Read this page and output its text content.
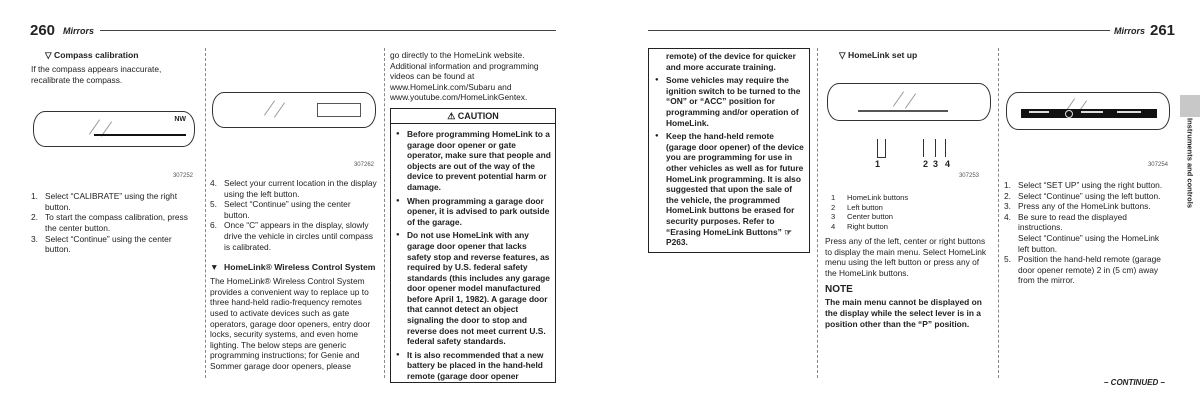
260 Mirrors
▽ Compass calibration
If the compass appears inaccurate, recalibrate the compass.
NW
307252
1. Select “CALIBRATE” using the right button.
2. To start the compass calibration, press the center button.
3. Select “Continue” using the center button.
307262
4. Select your current location in the display using the left button.
5. Select “Continue” using the center button.
6. Once “C” appears in the display, slowly drive the vehicle in circles until compass is calibrated.
▼ HomeLink® Wireless Control System
The HomeLink® Wireless Control System provides a convenient way to replace up to three hand-held radio-frequency remotes used to activate devices such as gate operators, garage door openers, entry door locks, security systems, and even home lighting. The below steps are generic programming instructions; for Genie and Sommer garage door openers, please
go directly to the HomeLink website. Additional information and programming videos can be found at
www.HomeLink.com/Subaru and
www.youtube.com/HomeLinkGentex.
⚠ CAUTION
● Before programming HomeLink to a garage door opener or gate operator, make sure that people and objects are out of the way of the device to prevent potential harm or damage.
● When programming a garage door opener, it is advised to park outside of the garage.
● Do not use HomeLink with any garage door opener that lacks safety stop and reverse features, as required by U.S. federal safety standards (this includes any garage door opener model manufactured before April 1, 1982). A garage door that cannot detect an object signaling the door to stop and reverse does not meet current U.S. federal safety standards.
● It is also recommended that a new battery be placed in the hand-held remote (garage door opener
Mirrors 261
Instruments and controls
remote) of the device for quicker and more accurate training.
● Some vehicles may require the ignition switch to be turned to the “ON” or “ACC” position for programming and/or operation of HomeLink.
● Keep the hand-held remote (garage door opener) of the device you are programming for use in other vehicles as well as for future HomeLink programming. It is also suggested that upon the sale of the vehicle, the programmed HomeLink buttons be erased for security purposes. Refer to “Erasing HomeLink Buttons” ☞P263.
▽ HomeLink set up
1	2 3 4
307253
1 HomeLink buttons
2 Left button
3 Center button
4 Right button
Press any of the left, center or right buttons to display the main menu. Select HomeLink menu using the left button or press any of the HomeLink buttons.
NOTE
The main menu cannot be displayed on the display while the select lever is in a position other than the “P” position.
307254
1. Select “SET UP” using the right button.
2. Select “Continue” using the left button.
3. Press any of the HomeLink buttons.
4. Be sure to read the displayed instructions.
Select “Continue” using the HomeLink left button.
5. Position the hand-held remote (garage door opener remote) 2 in (5 cm) away from the mirror.
– CONTINUED –
